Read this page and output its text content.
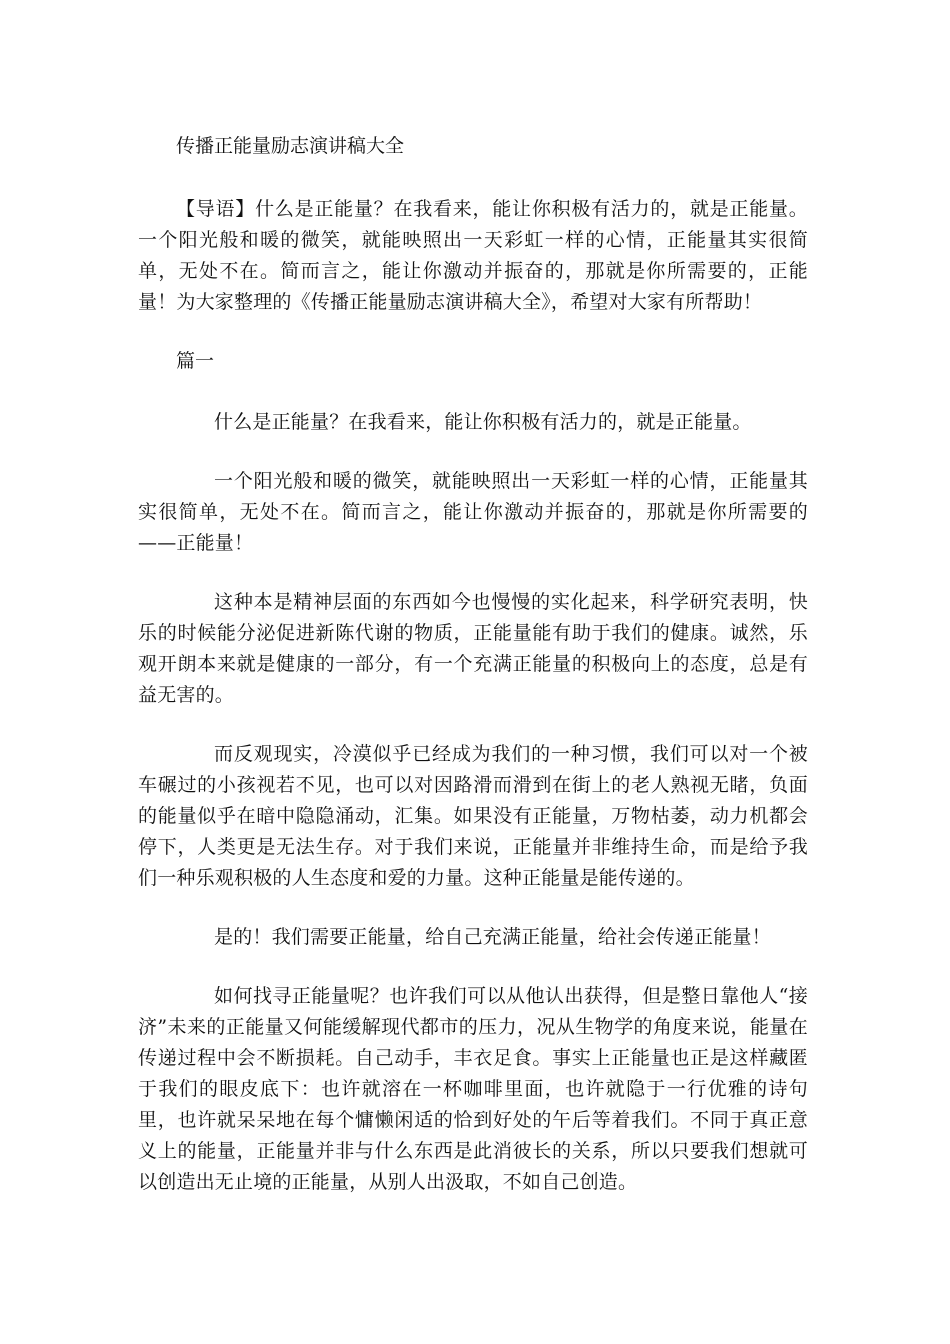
传播正能量励志演讲稿大全

【导语】什么是正能量？在我看来，能让你积极有活力的，就是正能量。一个阳光般和暖的微笑，就能映照出一天彩虹一样的心情，正能量其实很简单，无处不在。简而言之，能让你激动并振奋的，那就是你所需要的，正能量！为大家整理的《传播正能量励志演讲稿大全》，希望对大家有所帮助！

篇一

什么是正能量？在我看来，能让你积极有活力的，就是正能量。

一个阳光般和暖的微笑，就能映照出一天彩虹一样的心情，正能量其实很简单，无处不在。简而言之，能让你激动并振奋的，那就是你所需要的——正能量！

这种本是精神层面的东西如今也慢慢的实化起来，科学研究表明，快乐的时候能分泌促进新陈代谢的物质，正能量能有助于我们的健康。诚然，乐观开朗本来就是健康的一部分，有一个充满正能量的积极向上的态度，总是有益无害的。

而反观现实，冷漠似乎已经成为我们的一种习惯，我们可以对一个被车碾过的小孩视若不见，也可以对因路滑而滑到在街上的老人熟视无睹，负面的能量似乎在暗中隐隐涌动，汇集。如果没有正能量，万物枯萎，动力机都会停下，人类更是无法生存。对于我们来说，正能量并非维持生命，而是给予我们一种乐观积极的人生态度和爱的力量。这种正能量是能传递的。

是的！我们需要正能量，给自己充满正能量，给社会传递正能量！

如何找寻正能量呢？也许我们可以从他认出获得，但是整日靠他人“接济”未来的正能量又何能缓解现代都市的压力，况从生物学的角度来说，能量在传递过程中会不断损耗。自己动手，丰衣足食。事实上正能量也正是这样藏匿于我们的眼皮底下：也许就溶在一杯咖啡里面，也许就隐于一行优雅的诗句里，也许就呆呆地在每个慵懒闲适的恰到好处的午后等着我们。不同于真正意义上的能量，正能量并非与什么东西是此消彼长的关系，所以只要我们想就可以创造出无止境的正能量，从别人出汲取，不如自己创造。
